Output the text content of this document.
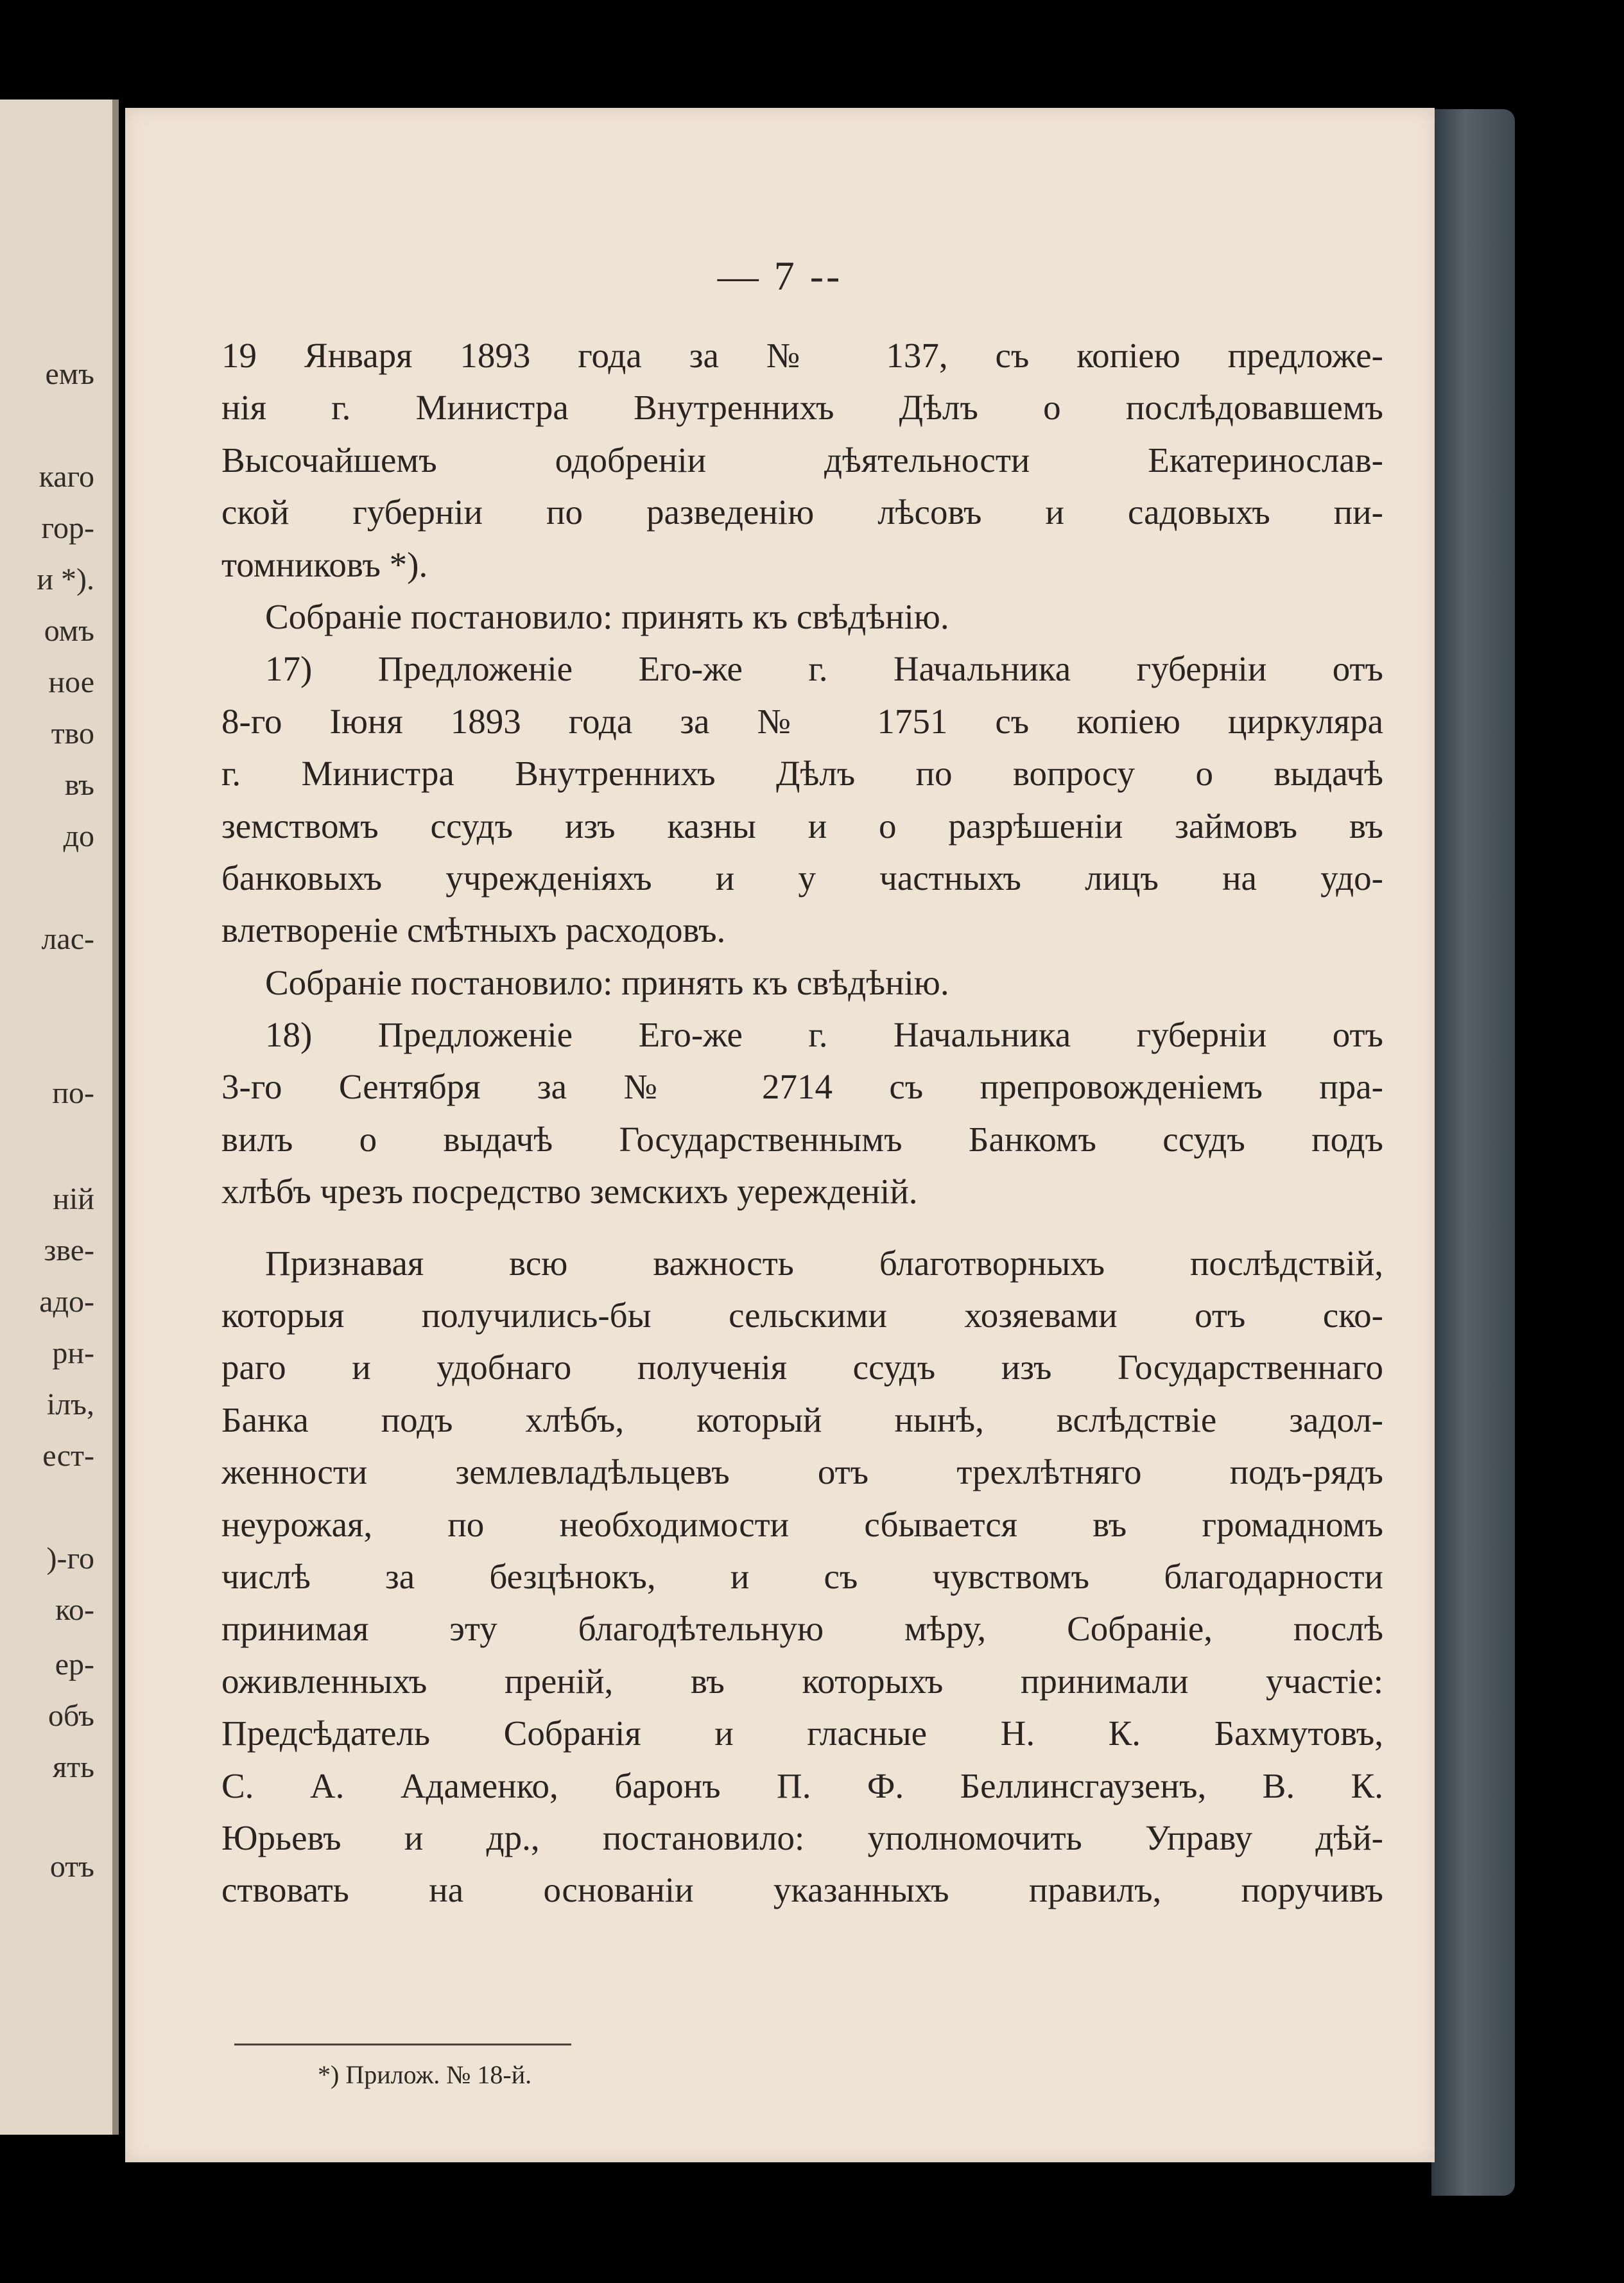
емъ
каго
гор-
и *).
омъ
ное
тво
въ
до
лас-
по-
ній
зве-
адо-
рн-
ілъ,
ест-
)-го
ко-
ер-
объ
ять
отъ
— 7 --
19 Января 1893 года за № 137, съ копіею предложе-
нія г. Министра Внутреннихъ Дѣлъ о послѣдовавшемъ
Высочайшемъ одобреніи дѣятельности Екатеринослав-
ской губерніи по разведенію лѣсовъ и садовыхъ пи-
томниковъ *).
Собраніе постановило: принять къ свѣдѣнію.
17) Предложеніе Его-же г. Начальника губерніи отъ
8-го Іюня 1893 года за № 1751 съ копіею циркуляра
г. Министра Внутреннихъ Дѣлъ по вопросу о выдачѣ
земствомъ ссудъ изъ казны и о разрѣшеніи займовъ въ
банковыхъ учрежденіяхъ и у частныхъ лицъ на удо-
влетвореніе смѣтныхъ расходовъ.
Собраніе постановило: принять къ свѣдѣнію.
18) Предложеніе Его-же г. Начальника губерніи отъ
3-го Сентября за № 2714 съ препровожденіемъ пра-
вилъ о выдачѣ Государственнымъ Банкомъ ссудъ подъ
хлѣбъ чрезъ посредство земскихъ уережденій.
Признавая всю важность благотворныхъ послѣдствій,
которыя получились-бы сельскими хозяевами отъ ско-
раго и удобнаго полученія ссудъ изъ Государственнаго
Банка подъ хлѣбъ, который нынѣ, вслѣдствіе задол-
женности землевладѣльцевъ отъ трехлѣтняго подъ-рядъ
неурожая, по необходимости сбывается въ громадномъ
числѣ за безцѣнокъ, и съ чувствомъ благодарности
принимая эту благодѣтельную мѣру, Собраніе, послѣ
оживленныхъ преній, въ которыхъ принимали участіе:
Предсѣдатель Собранія и гласные Н. К. Бахмутовъ,
С. А. Адаменко, баронъ П. Ф. Беллинсгаузенъ, В. К.
Юрьевъ и др., постановило: уполномочить Управу дѣй-
ствовать на основаніи указанныхъ правилъ, поручивъ
*) Прилож. № 18-й.
